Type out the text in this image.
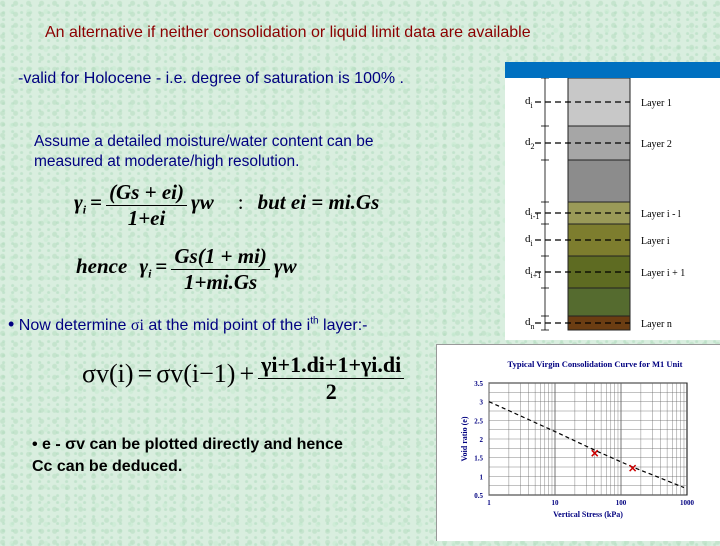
An alternative if neither consolidation or liquid limit data are available
-valid for Holocene - i.e. degree of saturation is 100% .
Assume a detailed moisture/water content can be measured at moderate/high resolution.
$\gamma_i = \frac{(Gs + ei)}{1+ei}$ γw : but ei = mi.Gs
hence $\gamma_i = \frac{Gs(1 + mi)}{1+mi.Gs}$ γw
• Now determine σi at the mid point of the $i^{th}$ layer:-
$\sigma v(i) = \sigma v(i-1) + \frac{\gamma i+1.di+1+\gamma i.di}{2}$
• e - σv can be plotted directly and hence
Cc can be deduced.
Layer 1
$d_i$
Layer 2
$d_2$
Layer i - l
$d_{i-1}$
Layer i
$d_i$
Layer i + 1
$d_{i+1}$
Layer n
$d_n$
Typical Virgin Consolidation Curve for M1 Unit
0.5
1
1.5
2
2.5
3
3.5
1	10	100	1000
Vertical Stress (kPa)
Void ratio (e)
